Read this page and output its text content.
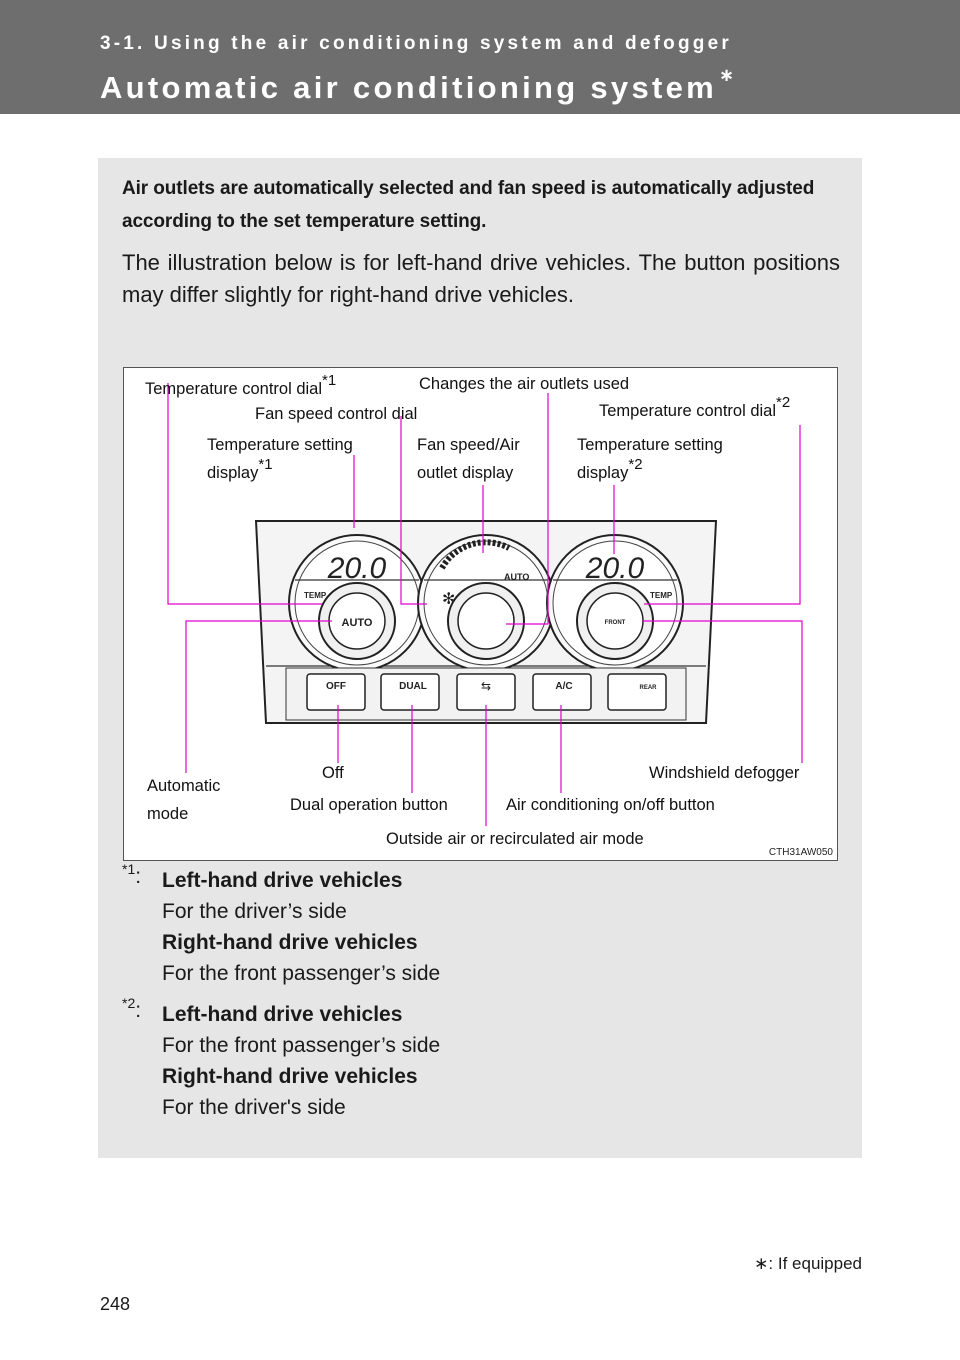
3-1. Using the air conditioning system and defogger
Automatic air conditioning system ∗
Air outlets are automatically selected and fan speed is automatically adjusted according to the set temperature setting.
The illustration below is for left-hand drive vehicles. The button positions may differ slightly for right-hand drive vehicles.
20.0
TEMP
AUTO
AUTO
✻
20.0
TEMP
FRONT
OFF	DUAL	⇆	A/C	REAR
Temperature control dial$^{*1}$	Changes the air outlets used
Fan speed control dial	Temperature control dial$^{*2}$
Temperature setting
display$^{*1}$
Fan speed/Air
outlet display
Temperature setting
display$^{*2}$
Automatic
mode
Off	Windshield defogger
Dual operation button	Air conditioning on/off button
Outside air or recirculated air mode
CTH31AW050
$^{*1}$: Left-hand drive vehicles
For the driver’s side
Right-hand drive vehicles
For the front passenger’s side
$^{*2}$: Left-hand drive vehicles
For the front passenger’s side
Right-hand drive vehicles
For the driver's side
∗: If equipped
248
